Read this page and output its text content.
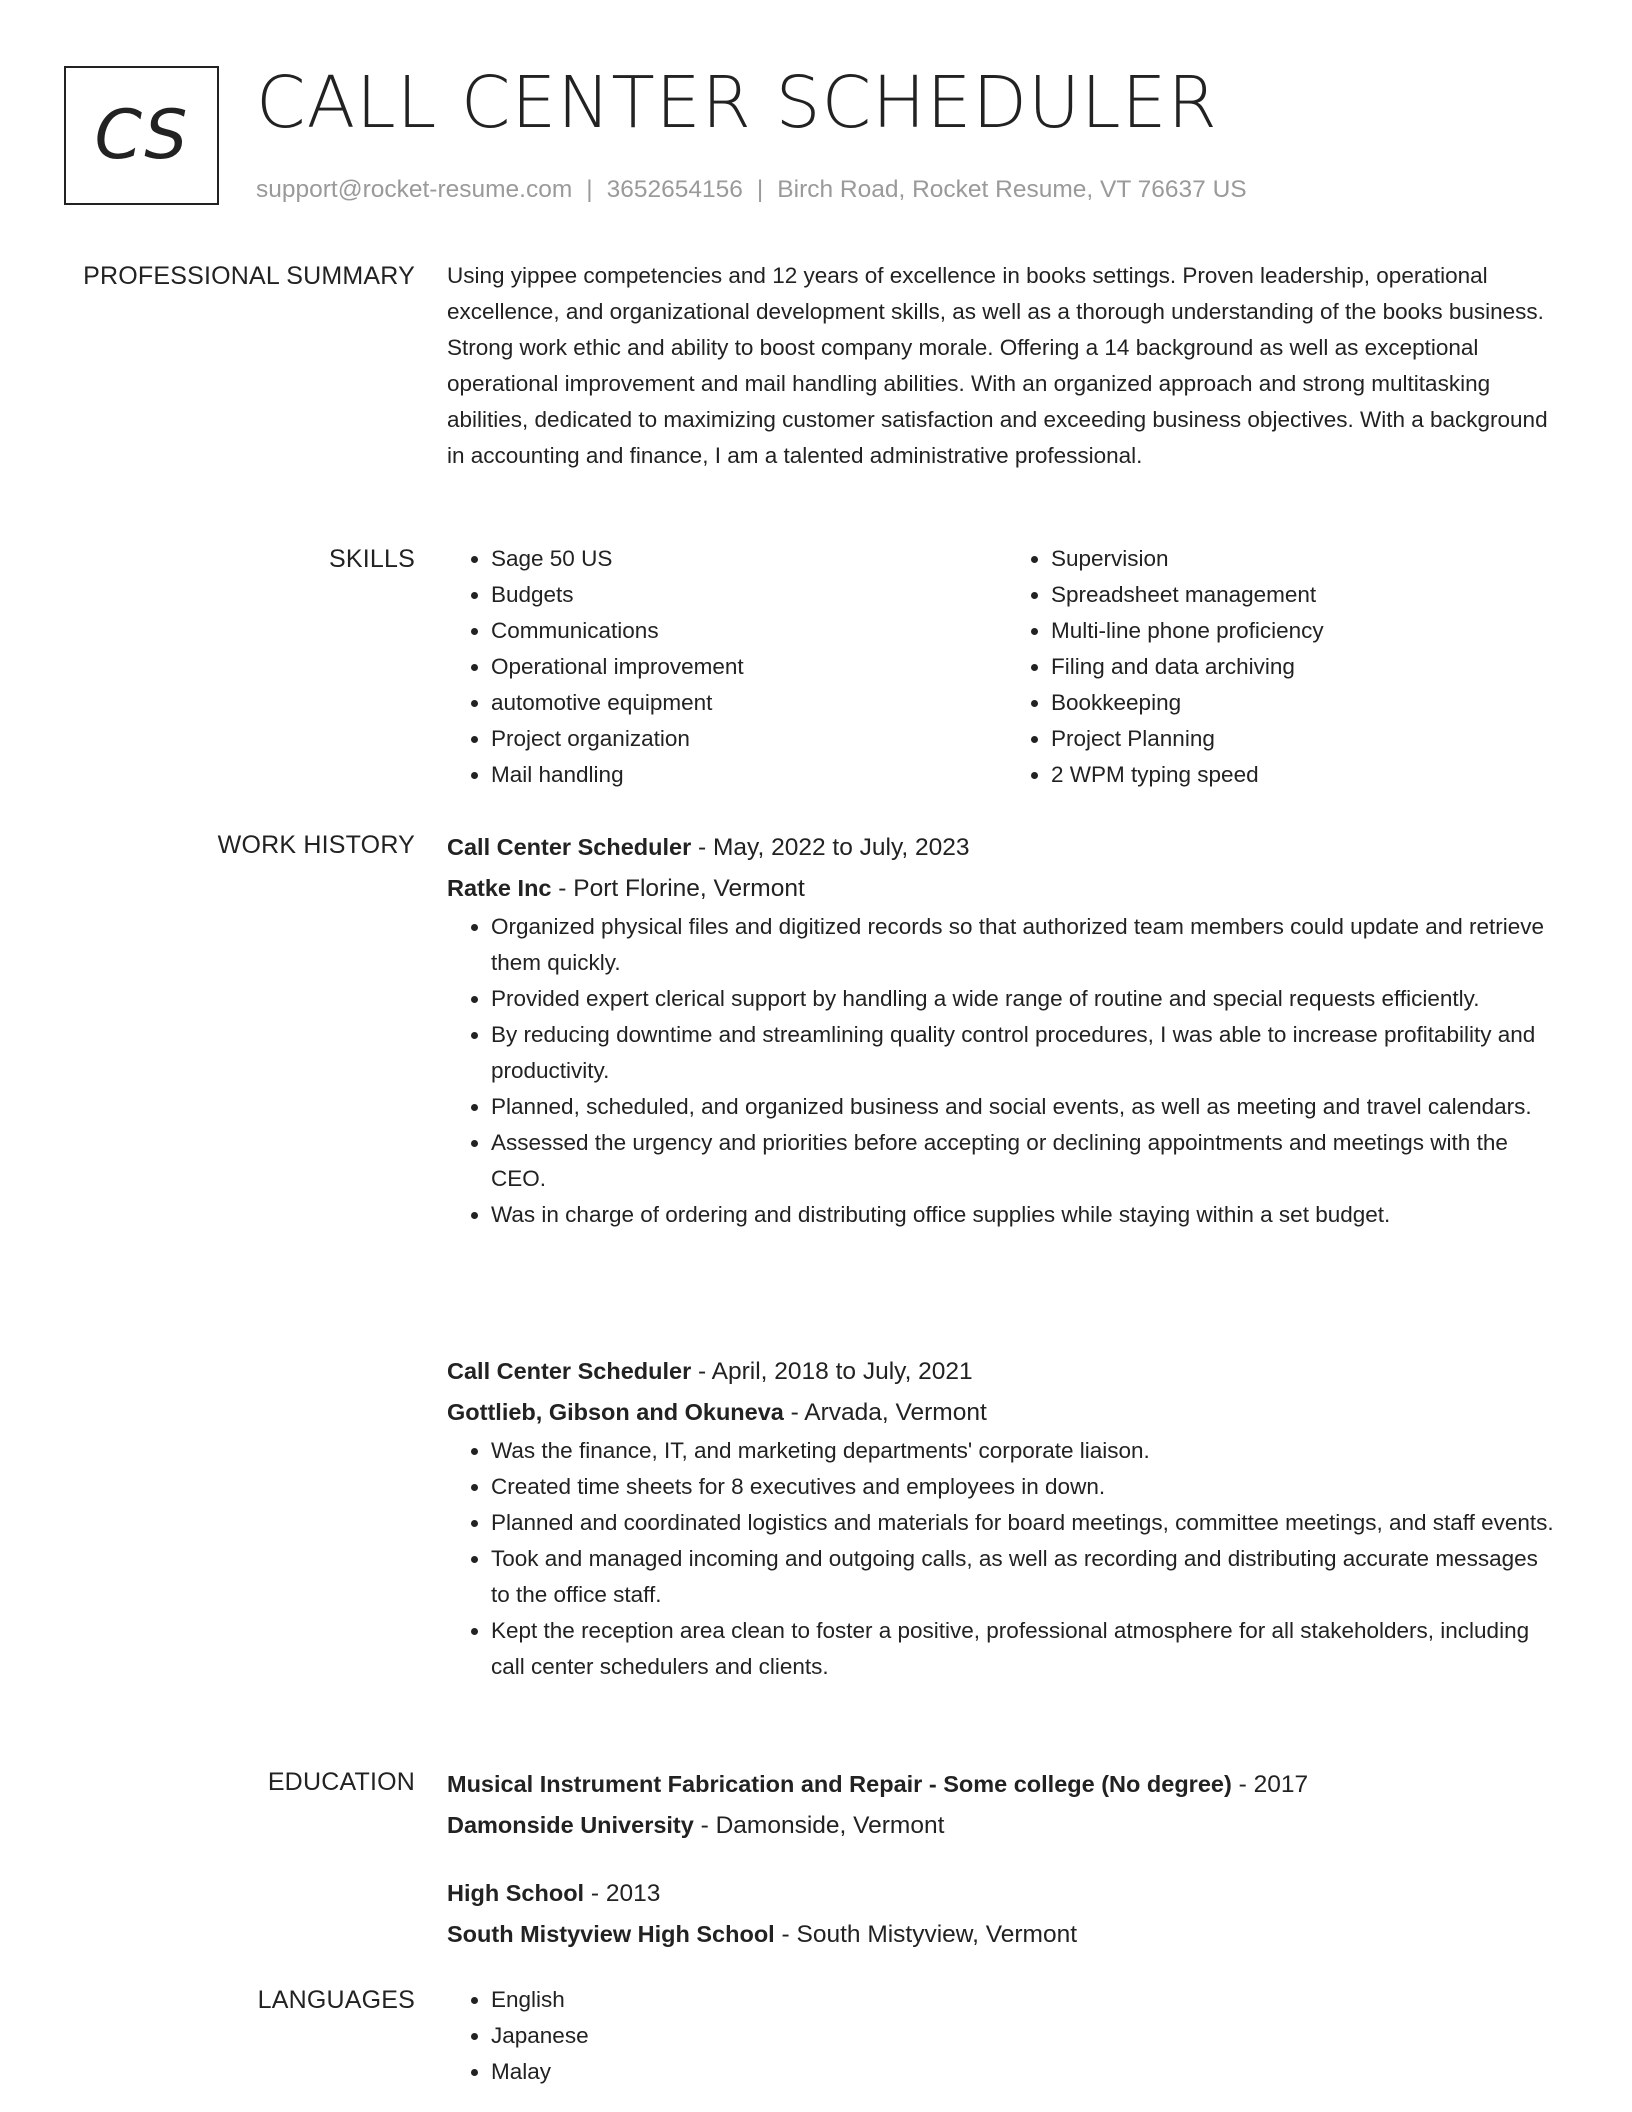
CS CALL CENTER SCHEDULER
support@rocket-resume.com | 3652654156 | Birch Road, Rocket Resume, VT 76637 US
PROFESSIONAL SUMMARY Using yippee competencies and 12 years of excellence in books settings. Proven leadership, operational excellence, and organizational development skills, as well as a thorough understanding of the books business. Strong work ethic and ability to boost company morale. Offering a 14 background as well as exceptional operational improvement and mail handling abilities. With an organized approach and strong multitasking abilities, dedicated to maximizing customer satisfaction and exceeding business objectives. With a background in accounting and finance, I am a talented administrative professional.

SKILLS	• Sage 50 US
• Budgets
• Communications
• Operational improvement
• automotive equipment
• Project organization
• Mail handling
• Supervision
• Spreadsheet management
• Multi-line phone proficiency
• Filing and data archiving
• Bookkeeping
• Project Planning
• 2 WPM typing speed
WORK HISTORY Call Center Scheduler - May, 2022 to July, 2023
Ratke Inc - Port Florine, Vermont
• Organized physical files and digitized records so that authorized team members could update and retrieve them quickly.
• Provided expert clerical support by handling a wide range of routine and special requests efficiently.
• By reducing downtime and streamlining quality control procedures, I was able to increase profitability and productivity.
• Planned, scheduled, and organized business and social events, as well as meeting and travel calendars.
• Assessed the urgency and priorities before accepting or declining appointments and meetings with the CEO.
• Was in charge of ordering and distributing office supplies while staying within a set budget.
Call Center Scheduler - April, 2018 to July, 2021
Gottlieb, Gibson and Okuneva - Arvada, Vermont
• Was the finance, IT, and marketing departments' corporate liaison.
• Created time sheets for 8 executives and employees in down.
• Planned and coordinated logistics and materials for board meetings, committee meetings, and staff events.
• Took and managed incoming and outgoing calls, as well as recording and distributing accurate messages to the office staff.
• Kept the reception area clean to foster a positive, professional atmosphere for all stakeholders, including call center schedulers and clients.
EDUCATION Musical Instrument Fabrication and Repair - Some college (No degree) - 2017
Damonside University - Damonside, Vermont
High School - 2013
South Mistyview High School - South Mistyview, Vermont
LANGUAGES	• English
• Japanese
• Malay
